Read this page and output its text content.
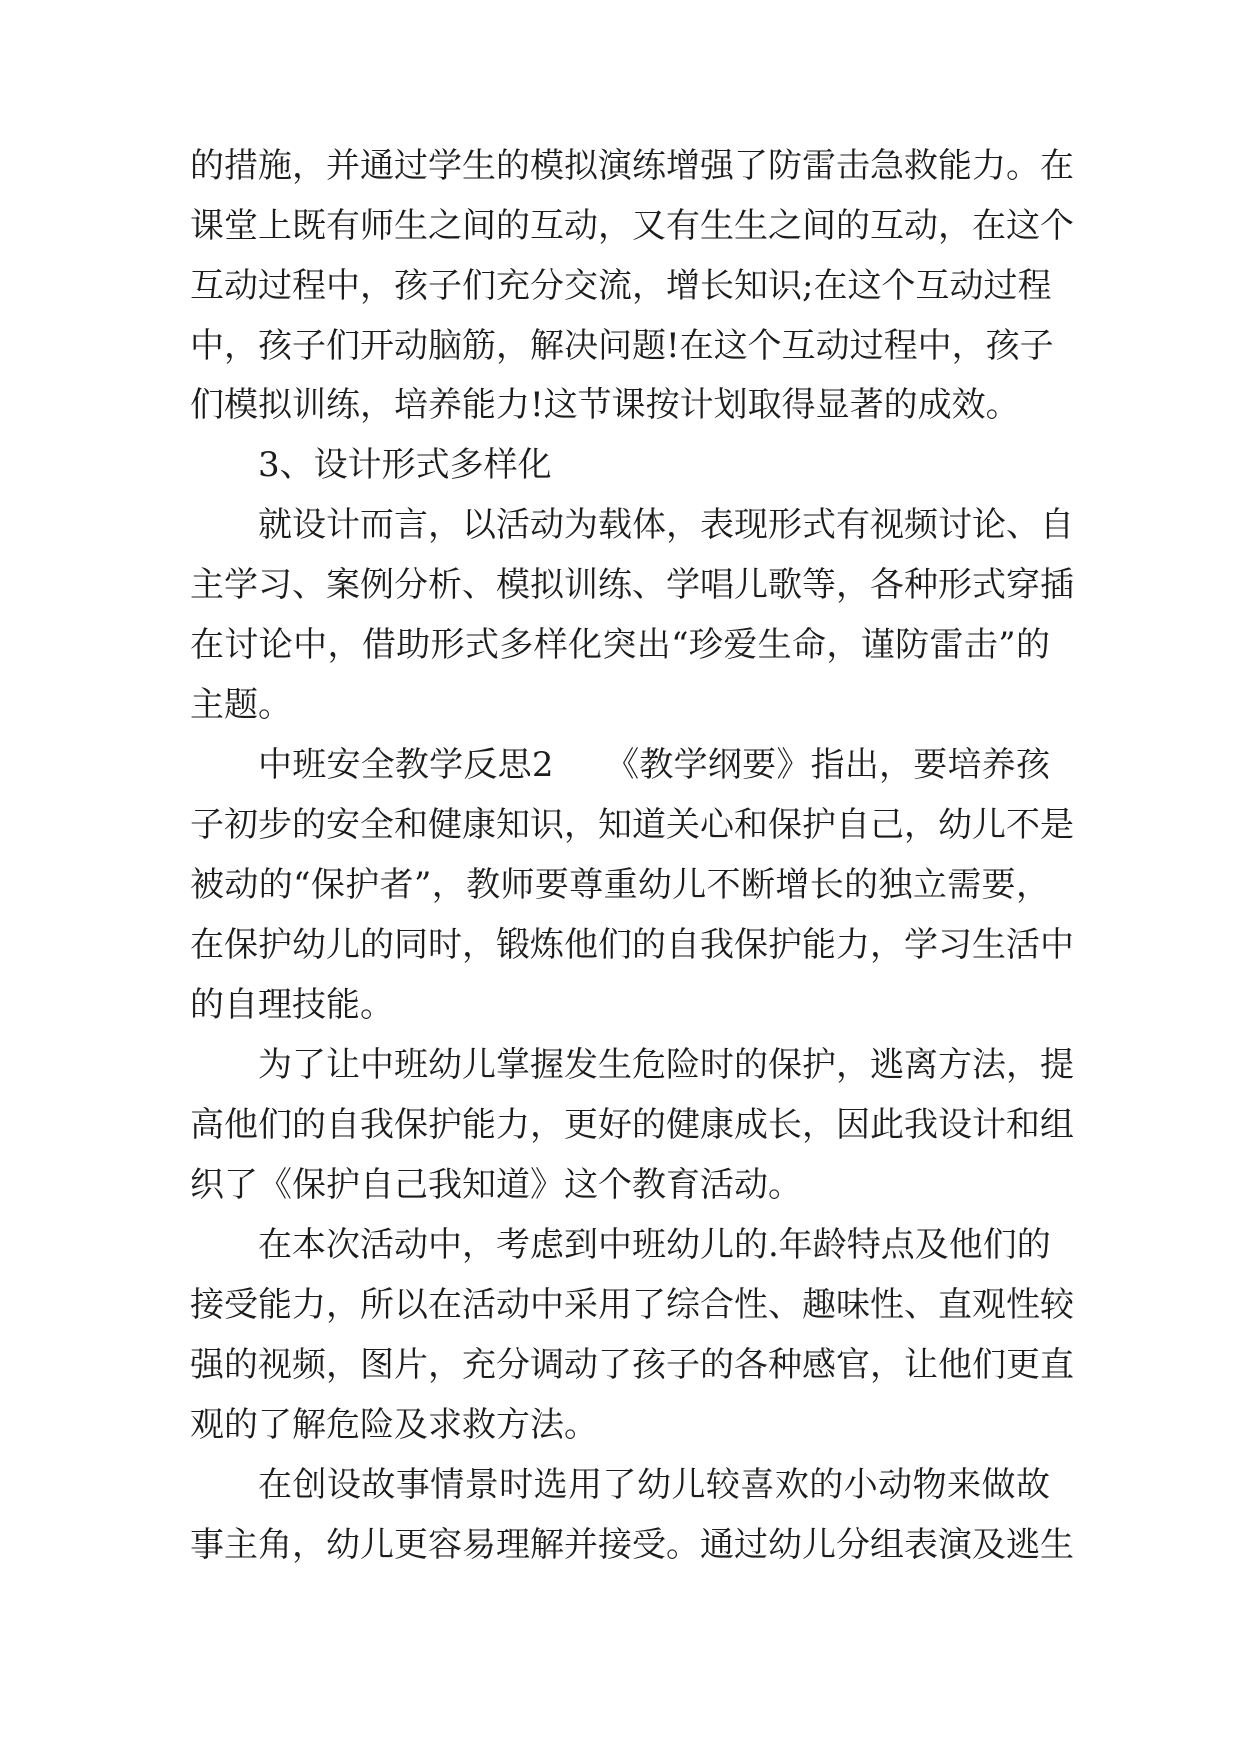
的措施，并通过学生的模拟演练增强了防雷击急救能力。在
课堂上既有师生之间的互动，又有生生之间的互动，在这个
互动过程中，孩子们充分交流，增长知识;在这个互动过程
中，孩子们开动脑筋，解决问题!在这个互动过程中，孩子
们模拟训练，培养能力!这节课按计划取得显著的成效。
3、设计形式多样化
就设计而言，以活动为载体，表现形式有视频讨论、自
主学习、案例分析、模拟训练、学唱儿歌等，各种形式穿插
在讨论中，借助形式多样化突出“珍爱生命，谨防雷击”的
主题。
中班安全教学反思2　　《教学纲要》指出，要培养孩
子初步的安全和健康知识，知道关心和保护自己，幼儿不是
被动的“保护者”，教师要尊重幼儿不断增长的独立需要，
在保护幼儿的同时，锻炼他们的自我保护能力，学习生活中
的自理技能。
为了让中班幼儿掌握发生危险时的保护，逃离方法，提
高他们的自我保护能力，更好的健康成长，因此我设计和组
织了《保护自己我知道》这个教育活动。
在本次活动中，考虑到中班幼儿的.年龄特点及他们的
接受能力，所以在活动中采用了综合性、趣味性、直观性较
强的视频，图片，充分调动了孩子的各种感官，让他们更直
观的了解危险及求救方法。
在创设故事情景时选用了幼儿较喜欢的小动物来做故
事主角，幼儿更容易理解并接受。通过幼儿分组表演及逃生
